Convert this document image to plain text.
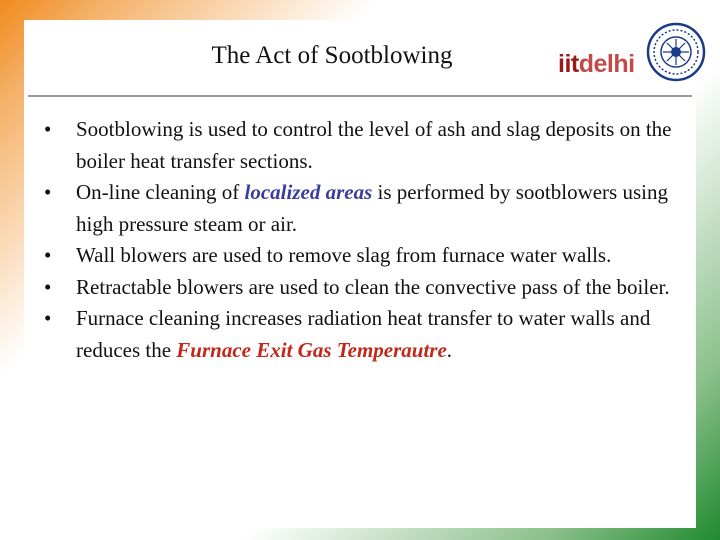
The Act of Sootblowing	iitdelhi
• Sootblowing is used to control the level of ash and slag deposits on the boiler heat transfer sections.
• On-line cleaning of localized areas is performed by sootblowers using high pressure steam or air.
• Wall blowers are used to remove slag from furnace water walls.
• Retractable blowers are used to clean the convective pass of the boiler.
• Furnace cleaning increases radiation heat transfer to water walls and reduces the Furnace Exit Gas Temperautre.
